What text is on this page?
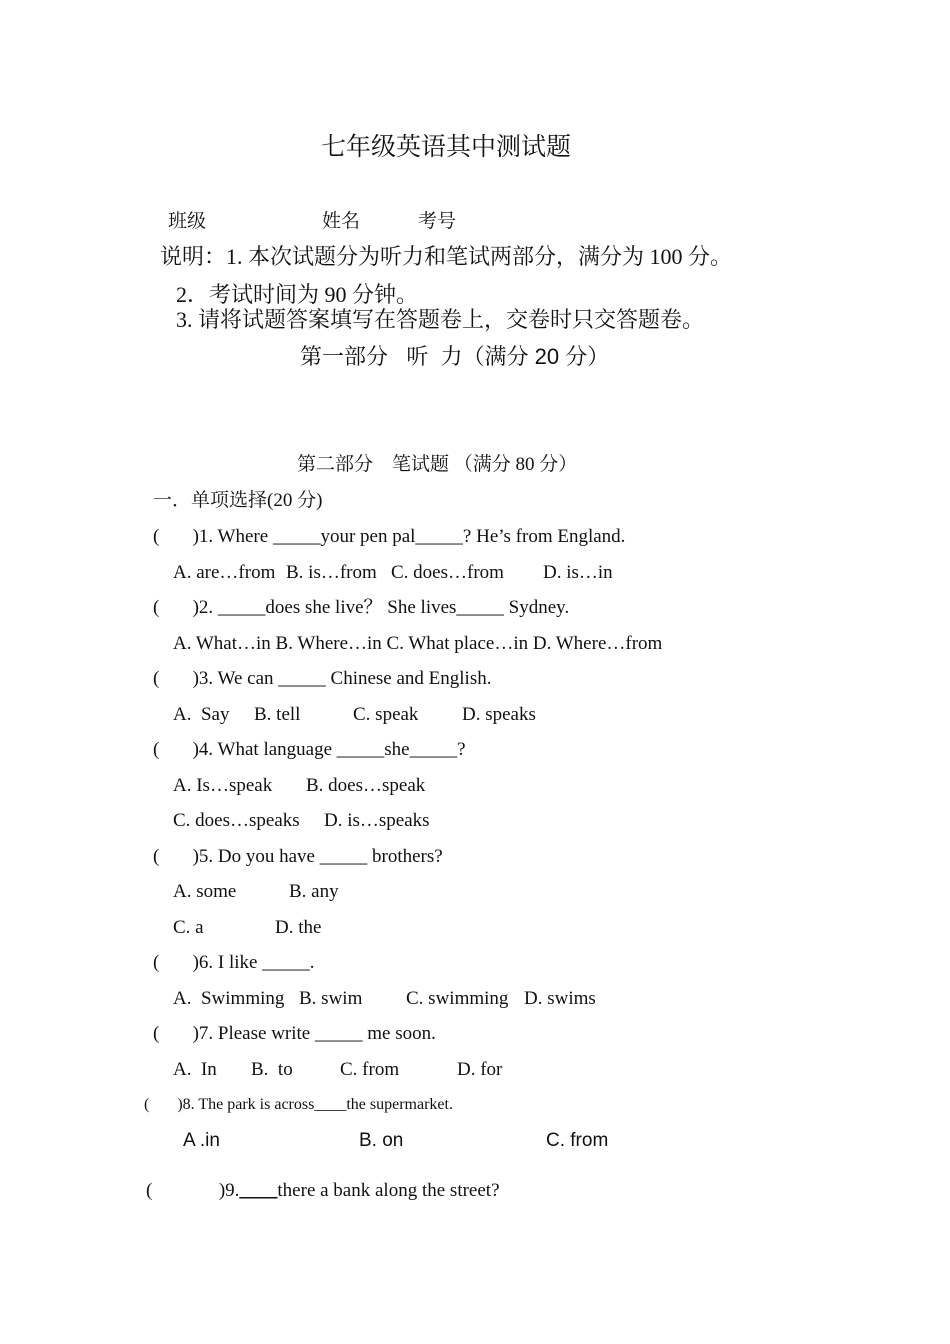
七年级英语其中测试题
班级	姓名	考号
说明：1. 本次试题分为听力和笔试两部分，满分为 100 分。
2．考试时间为 90 分钟。
3. 请将试题答案填写在答题卷上，交卷时只交答题卷。
第一部分   听  力（满分 20 分）
第二部分    笔试题 （满分 80 分）
一．单项选择(20 分)
(       )1. Where _____your pen pal_____? He’s from England.
A. are…from B. is…from C. does…from D. is…in
(       )2. _____does she live？ She lives_____ Sydney.
A. What…in B. Where…in C. What place…in D. Where…from
(       )3. We can _____ Chinese and English.
A.  Say B. tell	C. speak D. speaks
(       )4. What language _____she_____?
A. Is…speak B. does…speak
C. does…speaks D. is…speaks
(       )5. Do you have _____ brothers?
A. some	B. any
C. a	D. the
(       )6. I like _____.
A.  Swimming B. swim C. swimming D. swims
(       )7. Please write _____ me soon.
A.  In B.  to C. from	D. for
(       )8. The park is across____the supermarket.
A .in	B. on	C. from
(              )9.____there a bank along the street?
